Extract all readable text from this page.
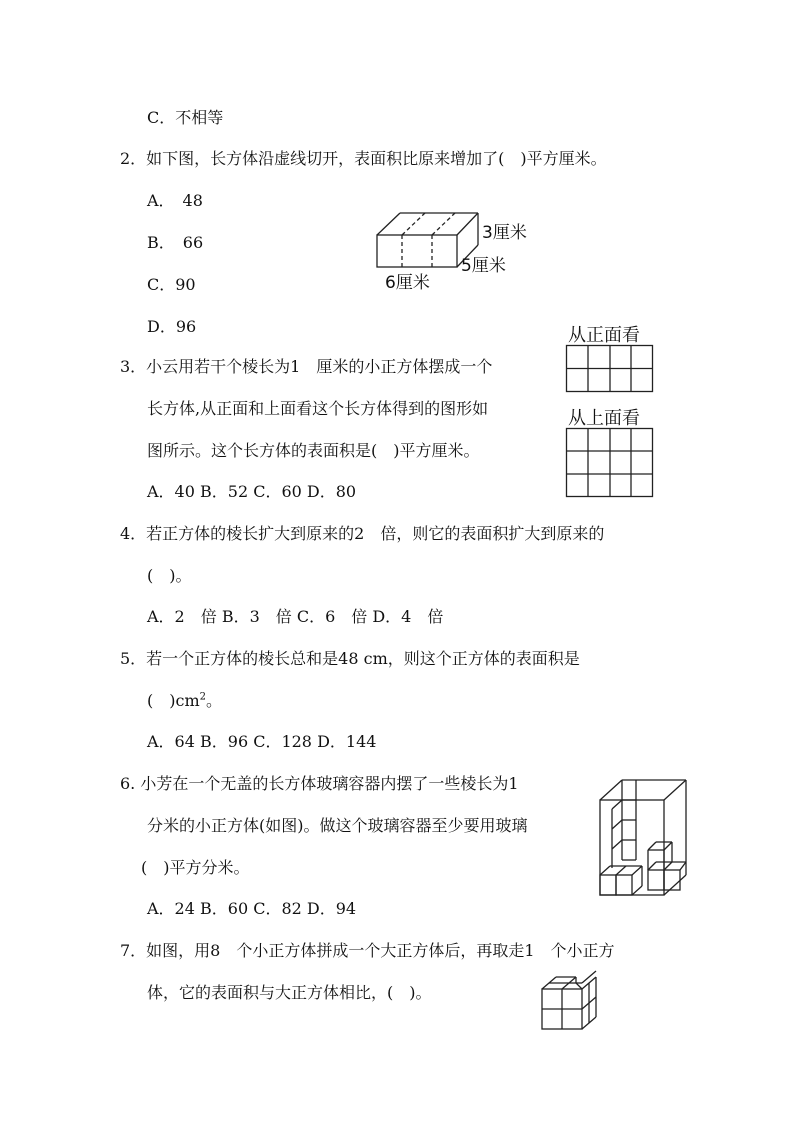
C．不相等
2．如下图，长方体沿虚线切开，表面积比原来增加了(　)平方厘米。
A．　48
B．　66
C．90
D．96
3厘米
5厘米
6厘米
3．小云用若干个棱长为1　厘米的小正方体摆成一个
长方体,从正面和上面看这个长方体得到的图形如
图所示。这个长方体的表面积是(　)平方厘米。
A．40 B．52 C．60 D．80
从正面看
从上面看
4．若正方体的棱长扩大到原来的2　倍，则它的表面积扩大到原来的
(　)。
A．2　倍 B．3　倍 C．6　倍 D．4　倍
5．若一个正方体的棱长总和是48 cm，则这个正方体的表面积是
(　)$cm^2$。
A．64 B．96 C．128 D．144
6. 小芳在一个无盖的长方体玻璃容器内摆了一些棱长为1
分米的小正方体(如图)。做这个玻璃容器至少要用玻璃
(　)平方分米。
A．24 B．60 C．82 D．94
7．如图，用8　个小正方体拼成一个大正方体后，再取走1　个小正方
体，它的表面积与大正方体相比，(　)。
